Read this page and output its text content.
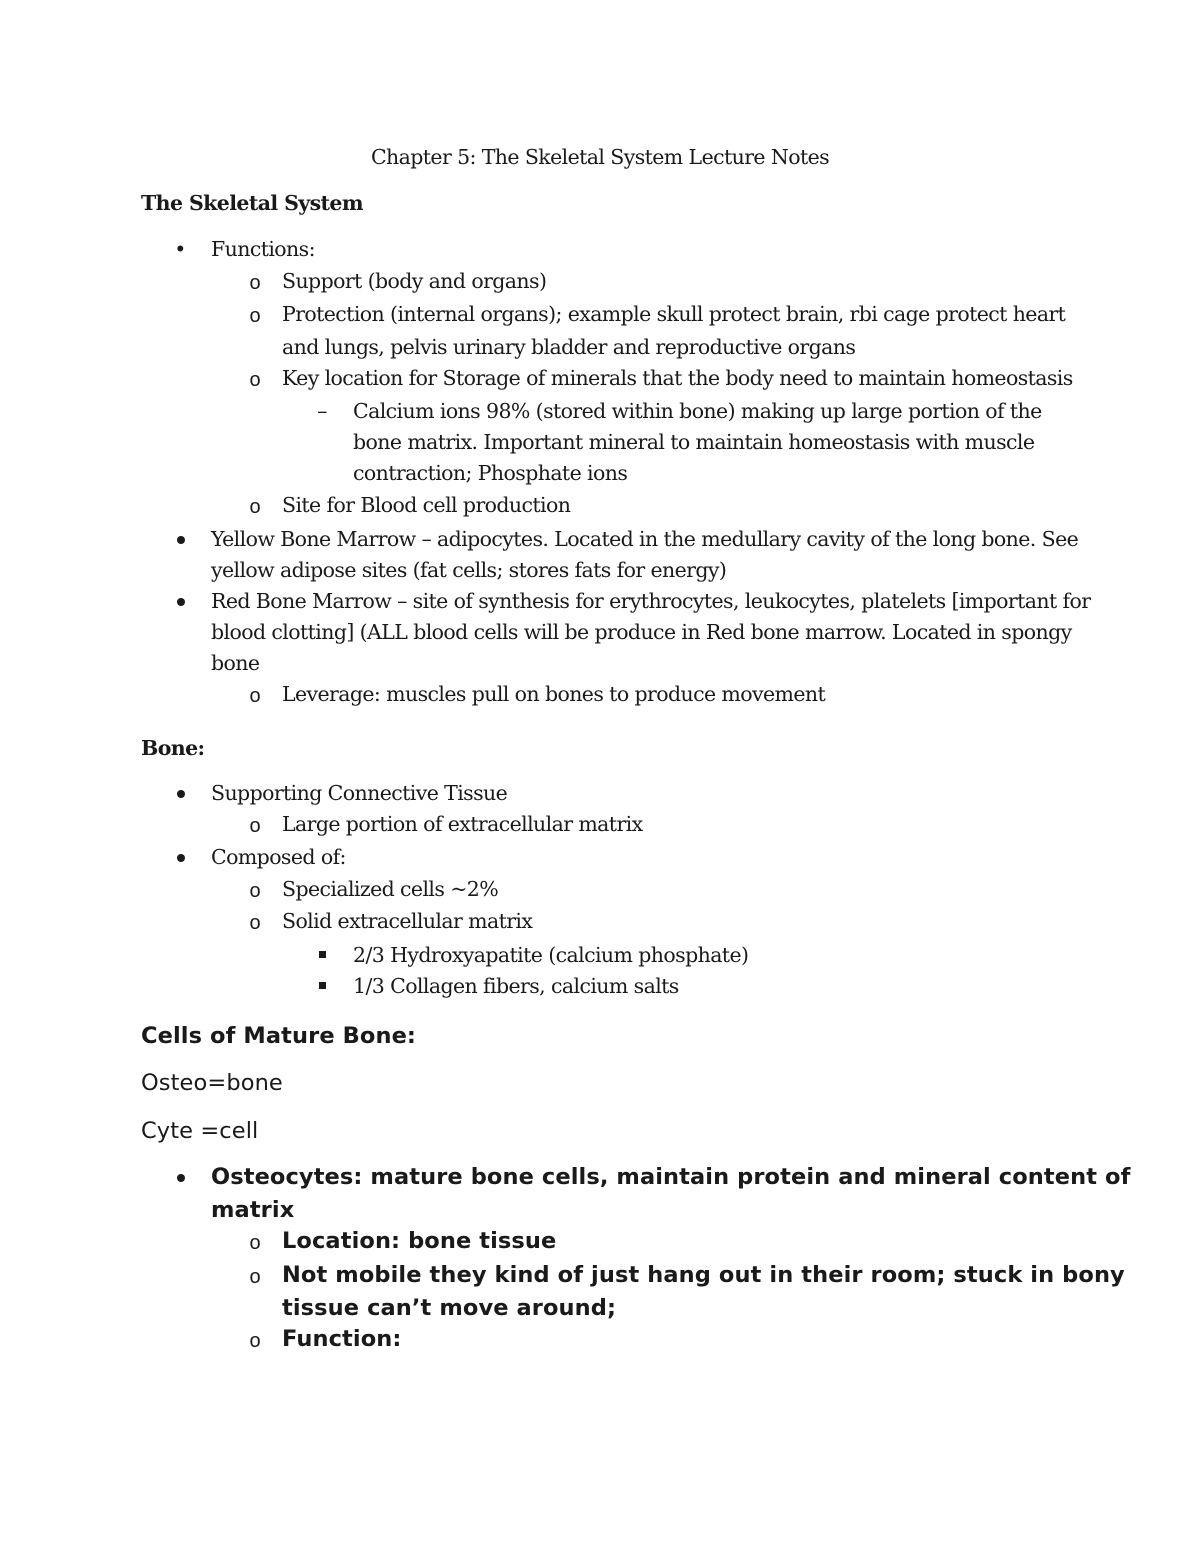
Chapter 5: The Skeletal System Lecture Notes
The Skeletal System
• Functions:
o Support (body and organs)
o Protection (internal organs); example skull protect brain, rbi cage protect heart
and lungs, pelvis urinary bladder and reproductive organs
o Key location for Storage of minerals that the body need to maintain homeostasis
– Calcium ions 98% (stored within bone) making up large portion of the
bone matrix. Important mineral to maintain homeostasis with muscle
contraction; Phosphate ions
o Site for Blood cell production
Yellow Bone Marrow – adipocytes. Located in the medullary cavity of the long bone. See
yellow adipose sites (fat cells; stores fats for energy)
Red Bone Marrow – site of synthesis for erythrocytes, leukocytes, platelets [important for
blood clotting] (ALL blood cells will be produce in Red bone marrow. Located in spongy
bone
o Leverage: muscles pull on bones to produce movement
Bone:
Supporting Connective Tissue
o Large portion of extracellular matrix
Composed of:
o Specialized cells ~2%
o Solid extracellular matrix
2/3 Hydroxyapatite (calcium phosphate)
1/3 Collagen fibers, calcium salts
Cells of Mature Bone:
Osteo=bone
Cyte =cell
Osteocytes: mature bone cells, maintain protein and mineral content of
matrix
o Location: bone tissue
o Not mobile they kind of just hang out in their room; stuck in bony
tissue can’t move around;
o Function:
